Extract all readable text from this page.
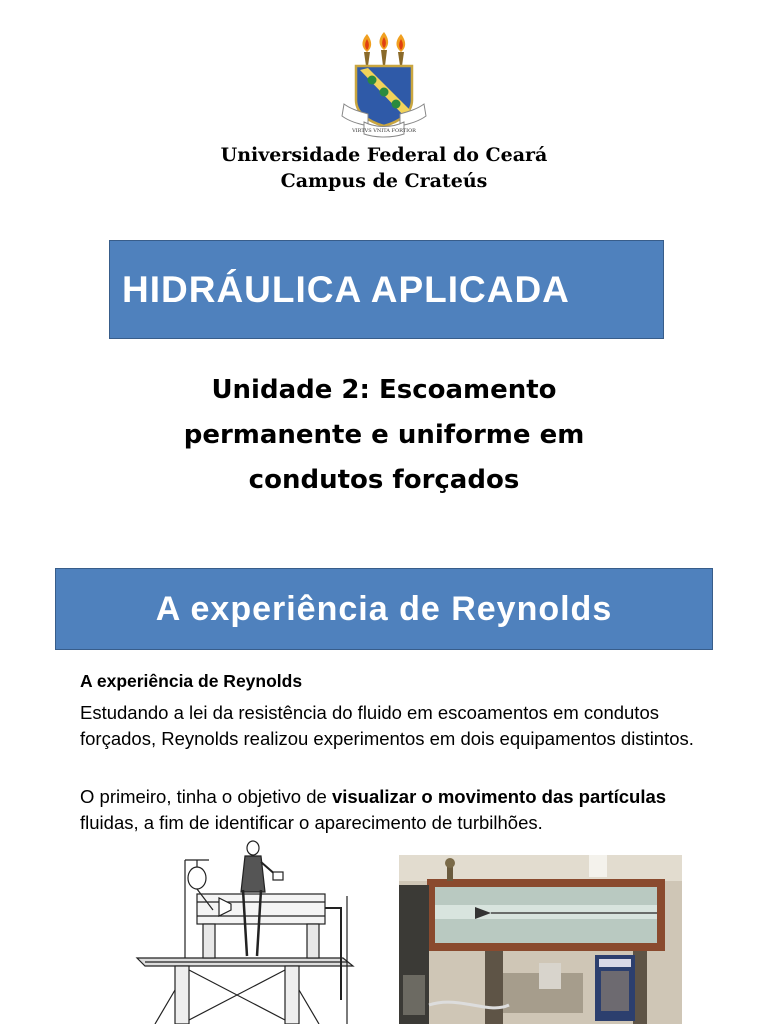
VIRTVS VNITA FORTIOR
Universidade Federal do Ceará
Campus de Crateús
HIDRÁULICA APLICADA
Unidade 2: Escoamento
permanente e uniforme em
condutos forçados
A experiência de Reynolds
A experiência de Reynolds
Estudando a lei da resistência do fluido em escoamentos em condutos forçados, Reynolds realizou experimentos em dois equipamentos distintos.
O primeiro, tinha o objetivo de visualizar o movimento das partículas fluidas, a fim de identificar o aparecimento de turbilhões.
